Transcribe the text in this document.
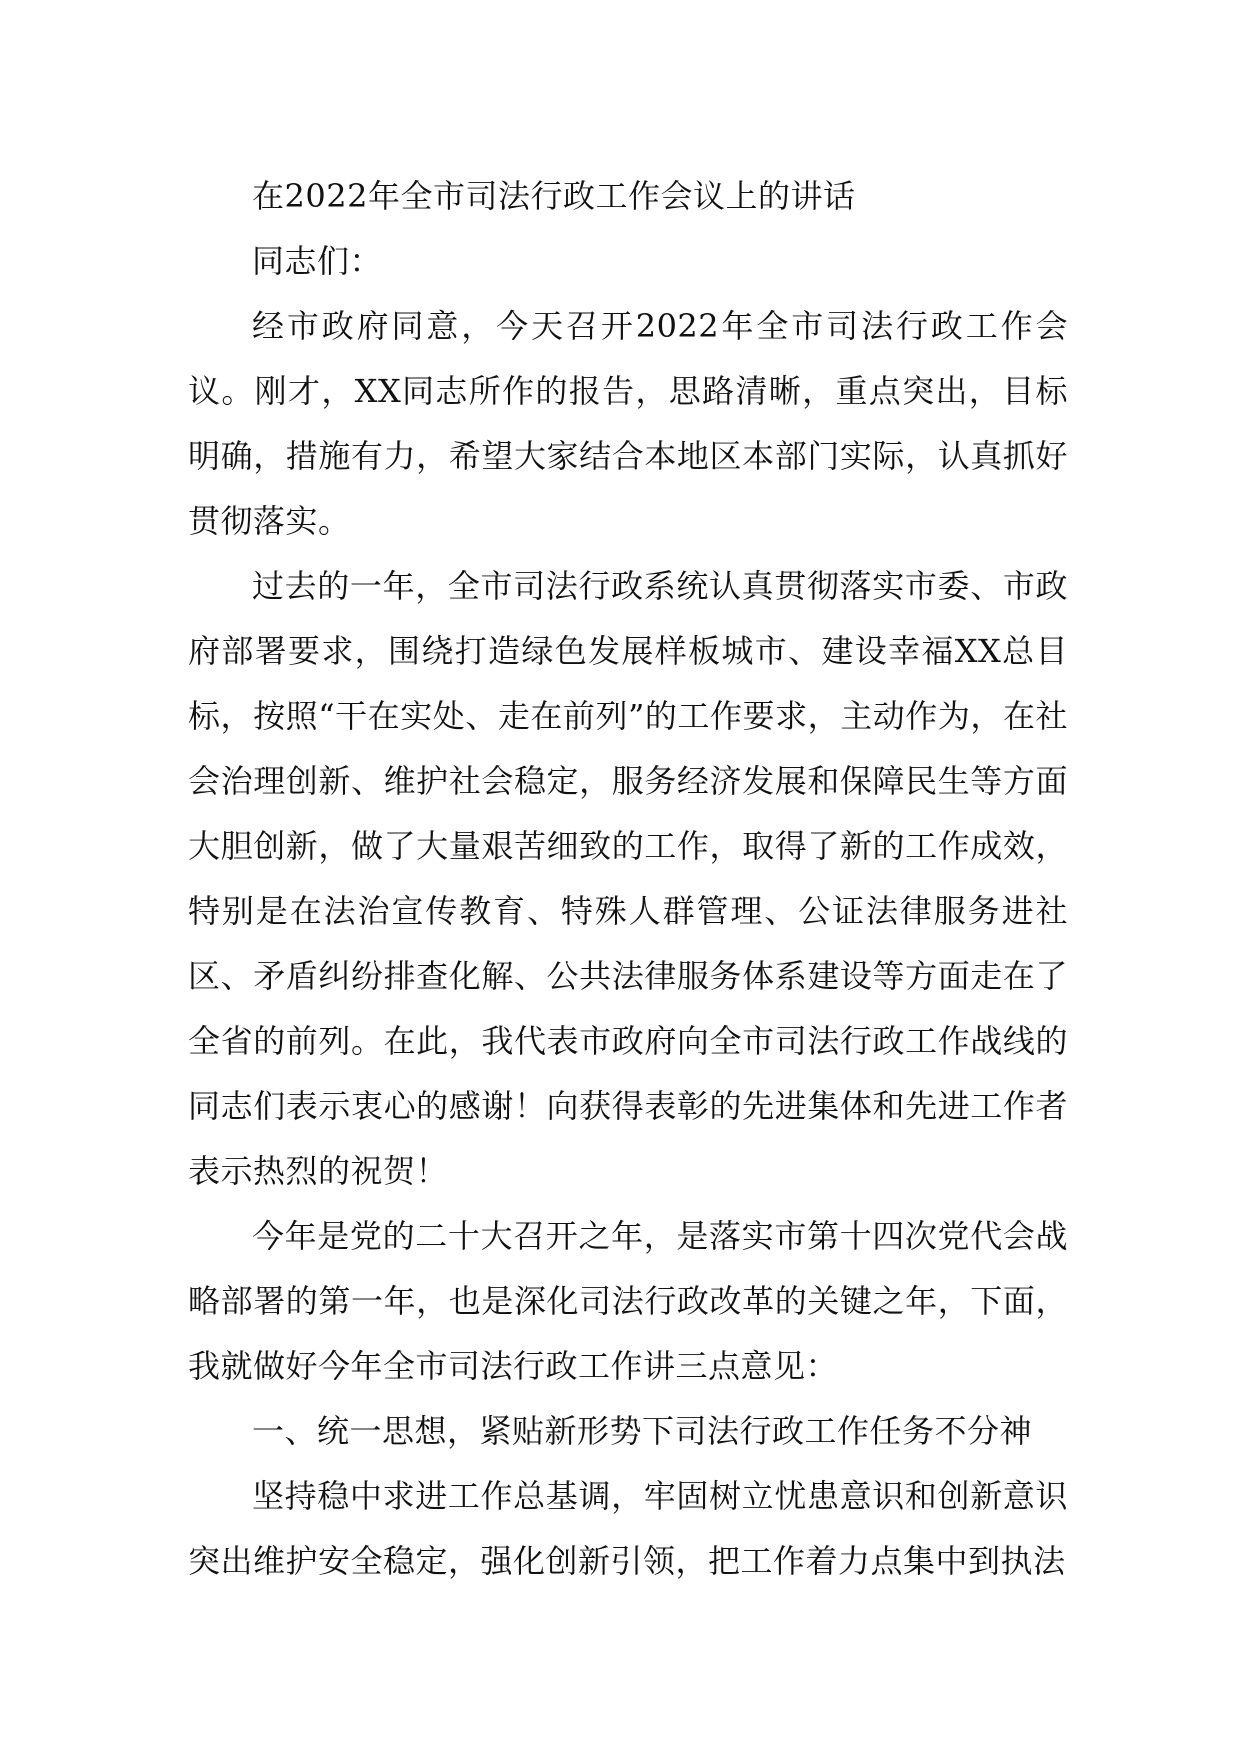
在2022年全市司法行政工作会议上的讲话

同志们：

经市政府同意，今天召开2022年全市司法行政工作会议。刚才，XX同志所作的报告，思路清晰，重点突出，目标明确，措施有力，希望大家结合本地区本部门实际，认真抓好贯彻落实。

过去的一年，全市司法行政系统认真贯彻落实市委、市政府部署要求，围绕打造绿色发展样板城市、建设幸福XX总目标，按照“干在实处、走在前列”的工作要求，主动作为，在社会治理创新、维护社会稳定，服务经济发展和保障民生等方面大胆创新，做了大量艰苦细致的工作，取得了新的工作成效，特别是在法治宣传教育、特殊人群管理、公证法律服务进社区、矛盾纠纷排查化解、公共法律服务体系建设等方面走在了全省的前列。在此，我代表市政府向全市司法行政工作战线的同志们表示衷心的感谢！向获得表彰的先进集体和先进工作者表示热烈的祝贺！

今年是党的二十大召开之年，是落实市第十四次党代会战略部署的第一年，也是深化司法行政改革的关键之年，下面，我就做好今年全市司法行政工作讲三点意见：

一、统一思想，紧贴新形势下司法行政工作任务不分神

坚持稳中求进工作总基调，牢固树立忧患意识和创新意识突出维护安全稳定，强化创新引领，把工作着力点集中到执法
